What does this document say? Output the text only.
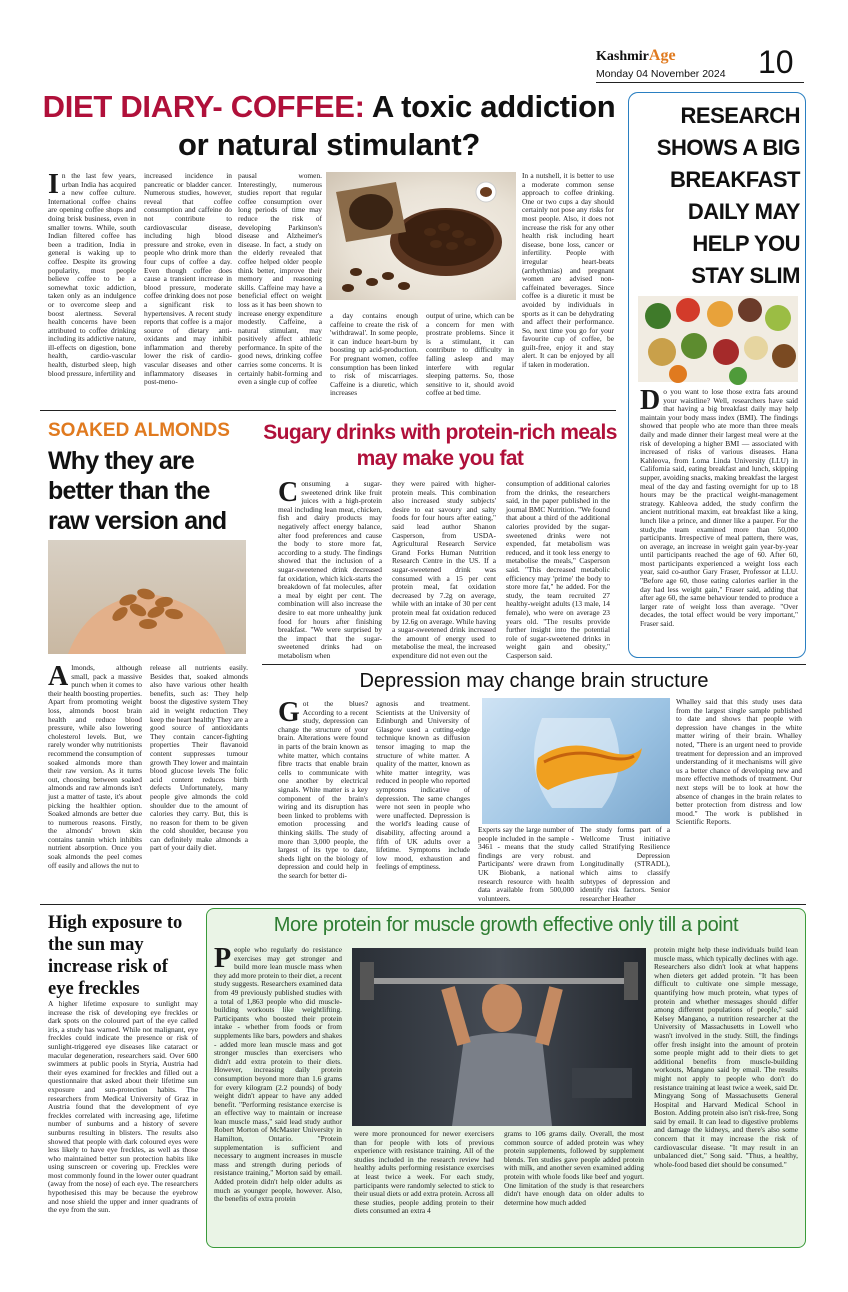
KashmirAge
Monday 04 November 2024	10
DIET DIARY- COFFEE: A toxic addiction or natural stimulant?
In the last few years, urban India has acquired a new coffee culture. International coffee chains are opening coffee shops and doing brisk business, even in smaller towns. While, south Indian filtered coffee has been a tradition, India in general is waking up to coffee. Despite its growing popularity, most people believe coffee to be a somewhat toxic addiction, taken only as an indulgence or to overcome sleep and boost alertness. Several health concerns have been attributed to coffee drinking including its addictive nature, ill-effects on digestion, bone health, cardio-vascular health, disturbed sleep, high blood pressure, infertility and
increased incidence in pancreatic or bladder cancer. Numerous studies, however, reveal that coffee consumption and caffeine do not contribute to cardiovascular disease, including high blood pressure and stroke, even in people who drink more than four cups of coffee a day. Even though coffee does cause a transient increase in blood pressure, moderate coffee drinking does not pose a significant risk to hypertensives. A recent study reports that coffee is a major source of dietary anti-oxidants and may inhibit inflammation and thereby lower the risk of cardio-vascular diseases and other inflammatory diseases in post-meno-
pausal women. Interestingly, numerous studies report that regular coffee consumption over long periods of time may reduce the risk of developing Parkinson's disease and Alzheimer's disease. In fact, a study on the elderly revealed that coffee helped older people think better, improve their memory and reasoning skills. Caffeine may have a beneficial effect on weight loss as it has been shown to increase energy expenditure modestly. Caffeine, a natural stimulant, may positively affect athletic performance. In spite of the good news, drinking coffee carries some concerns. It is certainly habit-forming and even a single cup of coffee
a day contains enough caffeine to create the risk of 'withdrawal'. In some people, it can induce heart-burn by boosting up acid-production. For pregnant women, coffee consumption has been linked to risk of miscarriages. Caffeine is a diuretic, which increases
output of urine, which can be a concern for men with prostrate problems. Since it is a stimulant, it can contribute to difficulty in falling asleep and may interfere with regular sleeping patterns. So, those sensitive to it, should avoid coffee at bed time.
In a nutshell, it is better to use a moderate common sense approach to coffee drinking. One or two cups a day should certainly not pose any risks for most people. Also, it does not increase the risk for any other health risk including heart disease, bone loss, cancer or infertility. People with irregular heart-beats (arrhythmias) and pregnant women are advised non-caffeinated beverages. Since coffee is a diuretic it must be avoided by individuals in sports as it can be dehydrating and affect their performance. So, next time you go for your favourite cup of coffee, be guilt-free, enjoy it and stay alert. It can be enjoyed by all if taken in moderation.
RESEARCH SHOWS A BIG BREAKFAST DAILY MAY HELP YOU STAY SLIM
Do you want to lose those extra fats around your waistline? Well, researchers have said that having a big breakfast daily may help maintain your body mass index (BMI). The findings showed that people who ate more than three meals daily and made dinner their largest meal were at the risk of developing a higher BMI — associated with increased of risks of various diseases. Hana Kahleova, from Loma Linda University (LLU) in California said, eating breakfast and lunch, skipping supper, avoiding snacks, making breakfast the largest meal of the day and fasting overnight for up to 18 hours may be the practical weight-management strategy. Kahleova added, the study confirm the ancient nutritional maxim, eat breakfast like a king, lunch like a prince, and dinner like a pauper. For the study,the team examined more than 50,000 participants. Irrespective of meal pattern, there was, on average, an increase in weight gain year-by-year until participants reached the age of 60. After 60, most participants experienced a weight loss each year, said co-author Gary Fraser, Professor at LLU. "Before age 60, those eating calories earlier in the day had less weight gain," Fraser said, adding that after age 60, the same behaviour tended to produce a larger rate of weight loss than average. "Over decades, the total effect would be very important," Fraser said.
SOAKED ALMONDS
Why they are better than the raw version and
Almonds, although small, pack a massive punch when it comes to their health boosting properties. Apart from promoting weight loss, almonds boost brain health and reduce blood pressure, while also lowering cholesterol levels. But, we rarely wonder why nutritionists recommend the consumption of soaked almonds more than their raw version. As it turns out, choosing between soaked almonds and raw almonds isn't just a matter of taste, it's about picking the healthier option. Soaked almonds are better due to numerous reasons. Firstly, the almonds' brown skin contains tannin which inhibits nutrient absorption. Once you soak almonds the peel comes off easily and allows the nut to
release all nutrients easily. Besides that, soaked almonds also have various other health benefits, such as: They help boost the digestive system They aid in weight reduction They keep the heart healthy They are a good source of antioxidants They contain cancer-fighting properties Their flavanoid content suppresses tumour growth They lower and maintain blood glucose levels The folic acid content reduces birth defects Unfortunately, many people give almonds the cold shoulder due to the amount of calories they carry. But, this is no reason for them to be given the cold shoulder, because you can definitely make almonds a part of your daily diet.
Sugary drinks with protein-rich meals may make you fat
Consuming a sugar-sweetened drink like fruit juices with a high-protein meal including lean meat, chicken, fish and dairy products may negatively affect energy balance, alter food preferences and cause the body to store more fat, according to a study. The findings showed that the inclusion of a sugar-sweetened drink decreased fat oxidation, which kick-starts the breakdown of fat molecules, after a meal by eight per cent. The combination will also increase the desire to eat more unhealthy junk food for hours after finishing breakfast. "We were surprised by the impact that the sugar-sweetened drinks had on metabolism when
they were paired with higher-protein meals. This combination also increased study subjects' desire to eat savoury and salty foods for four hours after eating," said lead author Shanon Casperson, from USDA-Agricultural Research Service Grand Forks Human Nutrition Research Centre in the US. If a sugar-sweetened drink was consumed with a 15 per cent protein meal, fat oxidation decreased by 7.2g on average, while with an intake of 30 per cent protein meal fat oxidation reduced by 12.6g on average. While having a sugar-sweetened drink increased the amount of energy used to metabolise the meal, the increased expenditure did not even out the
consumption of additional calories from the drinks, the researchers said, in the paper published in the journal BMC Nutrition. "We found that about a third of the additional calories provided by the sugar-sweetened drinks were not expended, fat metabolism was reduced, and it took less energy to metabolise the meals," Casperson said. "This decreased metabolic efficiency may 'prime' the body to store more fat," he added. For the study, the team recruited 27 healthy-weight adults (13 male, 14 female), who were on average 23 years old. "The results provide further insight into the potential role of sugar-sweetened drinks in weight gain and obesity," Casperson said.
Depression may change brain structure
Got the blues? According to a recent study, depression can change the structure of your brain. Alterations were found in parts of the brain known as white matter, which contains fibre tracts that enable brain cells to communicate with one another by electrical signals. White matter is a key component of the brain's wiring and its disruption has been linked to problems with emotion processing and thinking skills. The study of more than 3,000 people, the largest of its type to date, sheds light on the biology of depression and could help in the search for better di-
agnosis and treatment. Scientists at the University of Edinburgh and University of Glasgow used a cutting-edge technique known as diffusion tensor imaging to map the structure of white matter. A quality of the matter, known as white matter integrity, was reduced in people who reported symptoms indicative of depression. The same changes were not seen in people who were unaffected. Depression is the world's leading cause of disability, affecting around a fifth of UK adults over a lifetime. Symptoms include low mood, exhaustion and feelings of emptiness.
Experts say the large number of people included in the sample - 3461 - means that the study findings are very robust. Participants' were drawn from UK Biobank, a national research resource with health data available from 500,000 volunteers.
The study forms part of a Wellcome Trust initiative called Stratifying Resilience and Depression Longitudinally (STRADL), which aims to classify subtypes of depression and identify risk factors. Senior researcher Heather
Whalley said that this study uses data from the largest single sample published to date and shows that people with depression have changes in the white matter wiring of their brain. Whalley noted, "There is an urgent need to provide treatment for depression and an improved understanding of it mechanisms will give us a better chance of developing new and more effective methods of treatment. Our next steps will be to look at how the absence of changes in the brain relates to better protection from distress and low mood." The work is published in Scientific Reports.
High exposure to the sun may increase risk of eye freckles
A higher lifetime exposure to sunlight may increase the risk of developing eye freckles or dark spots on the coloured part of the eye called iris, a study has warned. While not malignant, eye freckles could indicate the presence or risk of sunlight-triggered eye diseases like cataract or macular degeneration, researchers said. Over 600 swimmers at public pools in Styria, Austria had their eyes examined for freckles and filled out a questionnaire that asked about their lifetime sun exposure and sun-protection habits. The researchers from Medical University of Graz in Austria found that the development of eye freckles correlated with increasing age, lifetime number of sunburns and a history of severe sunburns resulting in blisters. The results also showed that people with dark coloured eyes were less likely to have eye freckles, as well as those who maintained better sun protection habits like using sunscreen or covering up. Freckles were most commonly found in the lower outer quadrant (away from the nose) of each eye. The researchers hypothesised this may be because the eyebrow and nose shield the upper and inner quadrants of the eye from the sun.
More protein for muscle growth effective only till a point
People who regularly do resistance exercises may get stronger and build more lean muscle mass when they add more protein to their diet, a recent study suggests. Researchers examined data from 49 previously published studies with a total of 1,863 people who did muscle-building workouts like weightlifting. Participants who boosted their protein intake - whether from foods or from supplements like bars, powders and shakes - added more lean muscle mass and got stronger muscles than exercisers who didn't add extra protein to their diets. However, increasing daily protein consumption beyond more than 1.6 grams for every kilogram (2.2 pounds) of body weight didn't appear to have any added benefit. "Performing resistance exercise is an effective way to maintain or increase lean muscle mass," said lead study author Robert Morton of McMaster University in Hamilton, Ontario. "Protein supplementation is sufficient and necessary to augment increases in muscle mass and strength during periods of resistance training," Morton said by email. Added protein didn't help older adults as much as younger people, however. Also, the benefits of extra protein
were more pronounced for newer exercisers than for people with lots of previous experience with resistance training. All of the studies included in the research review had healthy adults performing resistance exercises at least twice a week. For each study, participants were randomly selected to stick to their usual diets or add extra protein. Across all these studies, people adding protein to their diets consumed an extra 4
grams to 106 grams daily. Overall, the most common source of added protein was whey protein supplements, followed by supplement blends. Ten studies gave people added protein with milk, and another seven examined adding protein with whole foods like beef and yogurt. One limitation of the study is that researchers didn't have enough data on older adults to determine how much added
protein might help these individuals build lean muscle mass, which typically declines with age. Researchers also didn't look at what happens when dieters get added protein. "It has been difficult to cultivate one simple message, quantifying how much protein, what types of protein and whether messages should differ among different populations of people," said Kelsey Mangano, a nutrition researcher at the University of Massachusetts in Lowell who wasn't involved in the study. Still, the findings offer fresh insight into the amount of protein some people might add to their diets to get additional benefits from muscle-building workouts, Mangano said by email. The results might not apply to people who don't do resistance training at least twice a week, said Dr. Mingyang Song of Massachusetts General Hospital and Harvard Medical School in Boston. Adding protein also isn't risk-free, Song said by email. It can lead to digestive problems and damage the kidneys, and there's also some concern that it may increase the risk of cardiovascular disease. "It may result in an unbalanced diet," Song said. "Thus, a healthy, whole-food based diet should be consumed."
